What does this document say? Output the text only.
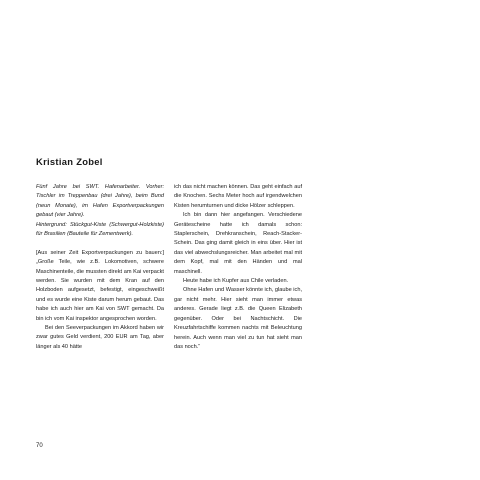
Kristian Zobel

Fünf Jahre bei SWT. Hafenarbeiter. Vorher: Tischler im Treppenbau (drei Jahre), beim Bund (neun Monate), im Hafen Exportverpackungen gebaut (vier Jahre).

Hintergrund: Stückgut-Kiste (Schwergut-Holzkiste) für Brasilien (Bauteile für Zementwerk).

[Aus seiner Zeit Exportverpackungen zu bauen:] „Große Teile, wie z.B. Lokomotiven, schwere Maschinenteile, die mussten direkt am Kai verpackt werden. Sie wurden mit dem Kran auf den Holzboden aufgesetzt, befestigt, eingeschweißt und es wurde eine Kiste darum herum gebaut. Das habe ich auch hier am Kai von SWT gemacht. Da bin ich vom Kai inspektor angesprochen worden.

Bei den Seeverpackungen im Akkord haben wir zwar gutes Geld verdient, 200 EUR am Tag, aber länger als 40 hätte

ich das nicht machen können. Das geht einfach auf die Knochen. Sechs Meter hoch auf irgendwelchen Kisten herumturnen und dicke Hölzer schleppen.

Ich bin dann hier angefangen. Verschiedene Gerätescheine hatte ich damals schon: Staplerschein, Drehkranschein, Reach-Stacker-Schein. Das ging damit gleich in eins über. Hier ist das viel abwechslungsreicher. Man arbeitet mal mit dem Kopf, mal mit den Händen und mal maschinell.

Heute habe ich Kupfer aus Chile verladen.

Ohne Hafen und Wasser könnte ich, glaube ich, gar nicht mehr. Hier sieht man immer etwas anderes. Gerade liegt z.B. die Queen Elizabeth gegenüber. Oder bei Nachtschicht. Die Kreuzfahrtschiffe kommen nachts mit Beleuchtung herein. Auch wenn man viel zu tun hat sieht man das noch.“

70
